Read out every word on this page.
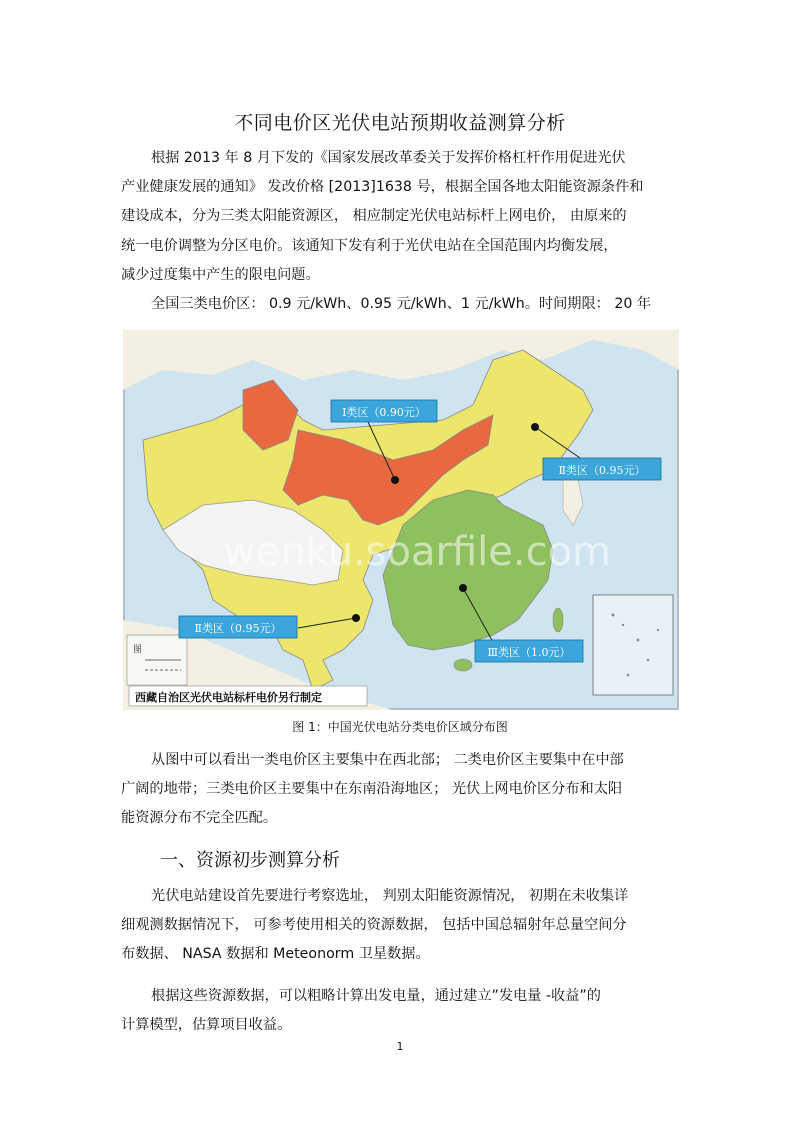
不同电价区光伏电站预期收益测算分析
根据 2013 年 8 月下发的《国家发展改革委关于发挥价格杠杆作用促进光伏
产业健康发展的通知》 发改价格 [2013]1638 号，根据全国各地太阳能资源条件和
建设成本，分为三类太阳能资源区， 相应制定光伏电站标杆上网电价， 由原来的
统一电价调整为分区电价。该通知下发有利于光伏电站在全国范围内均衡发展，
减少过度集中产生的限电问题。
全国三类电价区： 0.9 元/kWh、0.95 元/kWh、1 元/kWh。时间期限： 20 年
图
wenku.soarfile.com
Ⅰ类区（0.90元）
Ⅱ类区（0.95元）
Ⅱ类区（0.95元）
Ⅲ类区（1.0元）
西藏自治区光伏电站标杆电价另行制定
图 1：中国光伏电站分类电价区域分布图
从图中可以看出一类电价区主要集中在西北部； 二类电价区主要集中在中部
广阔的地带；三类电价区主要集中在东南沿海地区； 光伏上网电价区分布和太阳
能资源分布不完全匹配。
一、资源初步测算分析
光伏电站建设首先要进行考察选址， 判别太阳能资源情况， 初期在未收集详
细观测数据情况下， 可参考使用相关的资源数据， 包括中国总辐射年总量空间分
布数据、 NASA 数据和 Meteonorm 卫星数据。
根据这些资源数据，可以粗略计算出发电量，通过建立”发电量 -收益”的
计算模型，估算项目收益。
1
